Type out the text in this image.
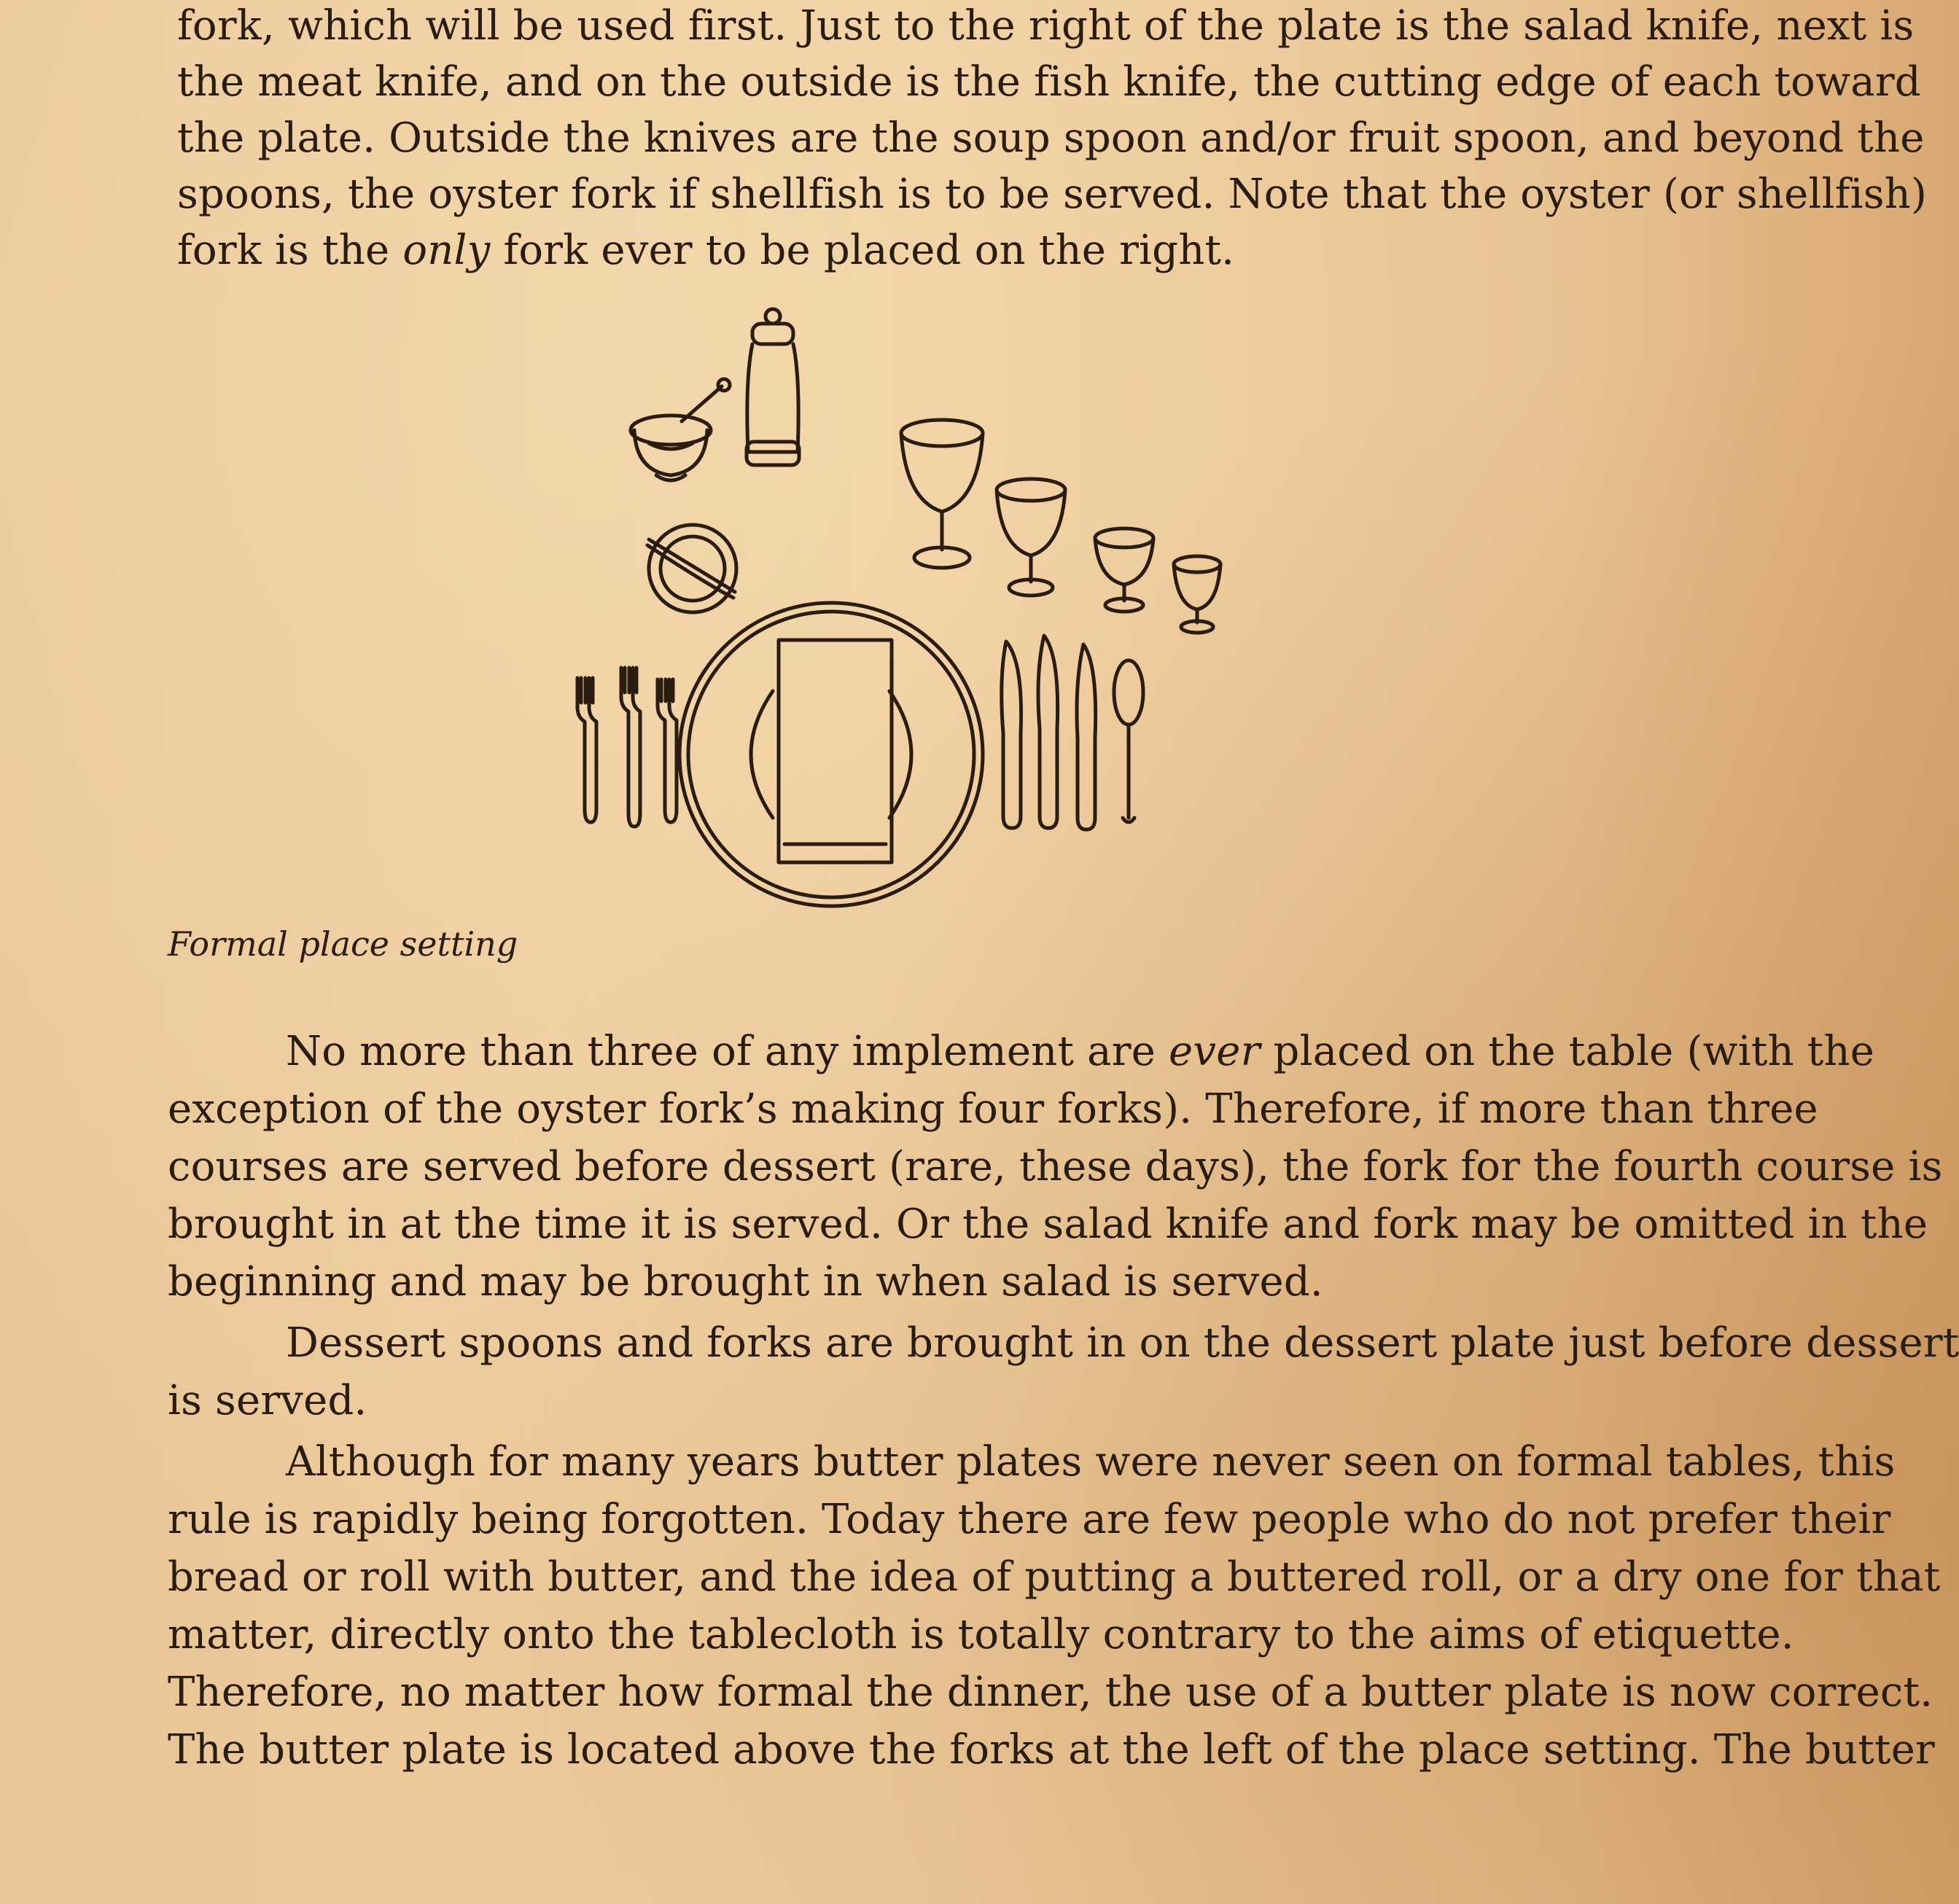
fork, which will be used first. Just to the right of the plate is the salad knife, next is

the meat knife, and on the outside is the fish knife, the cutting edge of each toward

the plate. Outside the knives are the soup spoon and/or fruit spoon, and beyond the

spoons, the oyster fork if shellfish is to be served. Note that the oyster (or shellfish)

fork is the only fork ever to be placed on the right.

Formal place setting

No more than three of any implement are ever placed on the table (with the

exception of the oyster fork’s making four forks). Therefore, if more than three

courses are served before dessert (rare, these days), the fork for the fourth course is

brought in at the time it is served. Or the salad knife and fork may be omitted in the

beginning and may be brought in when salad is served.

Dessert spoons and forks are brought in on the dessert plate just before dessert

is served.

Although for many years butter plates were never seen on formal tables, this

rule is rapidly being forgotten. Today there are few people who do not prefer their

bread or roll with butter, and the idea of putting a buttered roll, or a dry one for that

matter, directly onto the tablecloth is totally contrary to the aims of etiquette.

Therefore, no matter how formal the dinner, the use of a butter plate is now correct.

The butter plate is located above the forks at the left of the place setting. The butter
